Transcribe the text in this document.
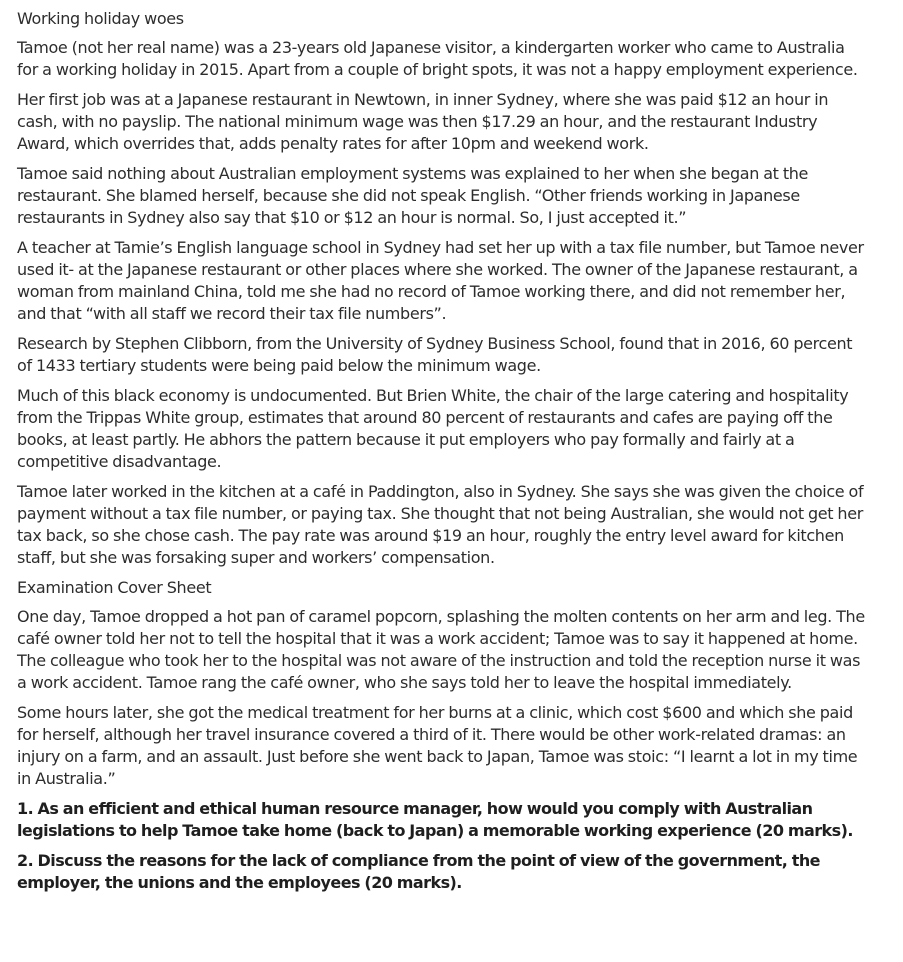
Working holiday woes

Tamoe (not her real name) was a 23-years old Japanese visitor, a kindergarten worker who came to Australia for a working holiday in 2015. Apart from a couple of bright spots, it was not a happy employment experience.

Her first job was at a Japanese restaurant in Newtown, in inner Sydney, where she was paid $12 an hour in cash, with no payslip. The national minimum wage was then $17.29 an hour, and the restaurant Industry Award, which overrides that, adds penalty rates for after 10pm and weekend work.

Tamoe said nothing about Australian employment systems was explained to her when she began at the restaurant. She blamed herself, because she did not speak English. “Other friends working in Japanese restaurants in Sydney also say that $10 or $12 an hour is normal. So, I just accepted it.”

A teacher at Tamie’s English language school in Sydney had set her up with a tax file number, but Tamoe never used it- at the Japanese restaurant or other places where she worked. The owner of the Japanese restaurant, a woman from mainland China, told me she had no record of Tamoe working there, and did not remember her, and that “with all staff we record their tax file numbers”.

Research by Stephen Clibborn, from the University of Sydney Business School, found that in 2016, 60 percent of 1433 tertiary students were being paid below the minimum wage.

Much of this black economy is undocumented. But Brien White, the chair of the large catering and hospitality from the Trippas White group, estimates that around 80 percent of restaurants and cafes are paying off the books, at least partly. He abhors the pattern because it put employers who pay formally and fairly at a competitive disadvantage.

Tamoe later worked in the kitchen at a café in Paddington, also in Sydney. She says she was given the choice of payment without a tax file number, or paying tax. She thought that not being Australian, she would not get her tax back, so she chose cash. The pay rate was around $19 an hour, roughly the entry level award for kitchen staff, but she was forsaking super and workers’ compensation.

Examination Cover Sheet

One day, Tamoe dropped a hot pan of caramel popcorn, splashing the molten contents on her arm and leg. The café owner told her not to tell the hospital that it was a work accident; Tamoe was to say it happened at home. The colleague who took her to the hospital was not aware of the instruction and told the reception nurse it was a work accident. Tamoe rang the café owner, who she says told her to leave the hospital immediately.

Some hours later, she got the medical treatment for her burns at a clinic, which cost $600 and which she paid for herself, although her travel insurance covered a third of it. There would be other work-related dramas: an injury on a farm, and an assault. Just before she went back to Japan, Tamoe was stoic: “I learnt a lot in my time in Australia.”

1. As an efficient and ethical human resource manager, how would you comply with Australian legislations to help Tamoe take home (back to Japan) a memorable working experience (20 marks).

2. Discuss the reasons for the lack of compliance from the point of view of the government, the employer, the unions and the employees (20 marks).
